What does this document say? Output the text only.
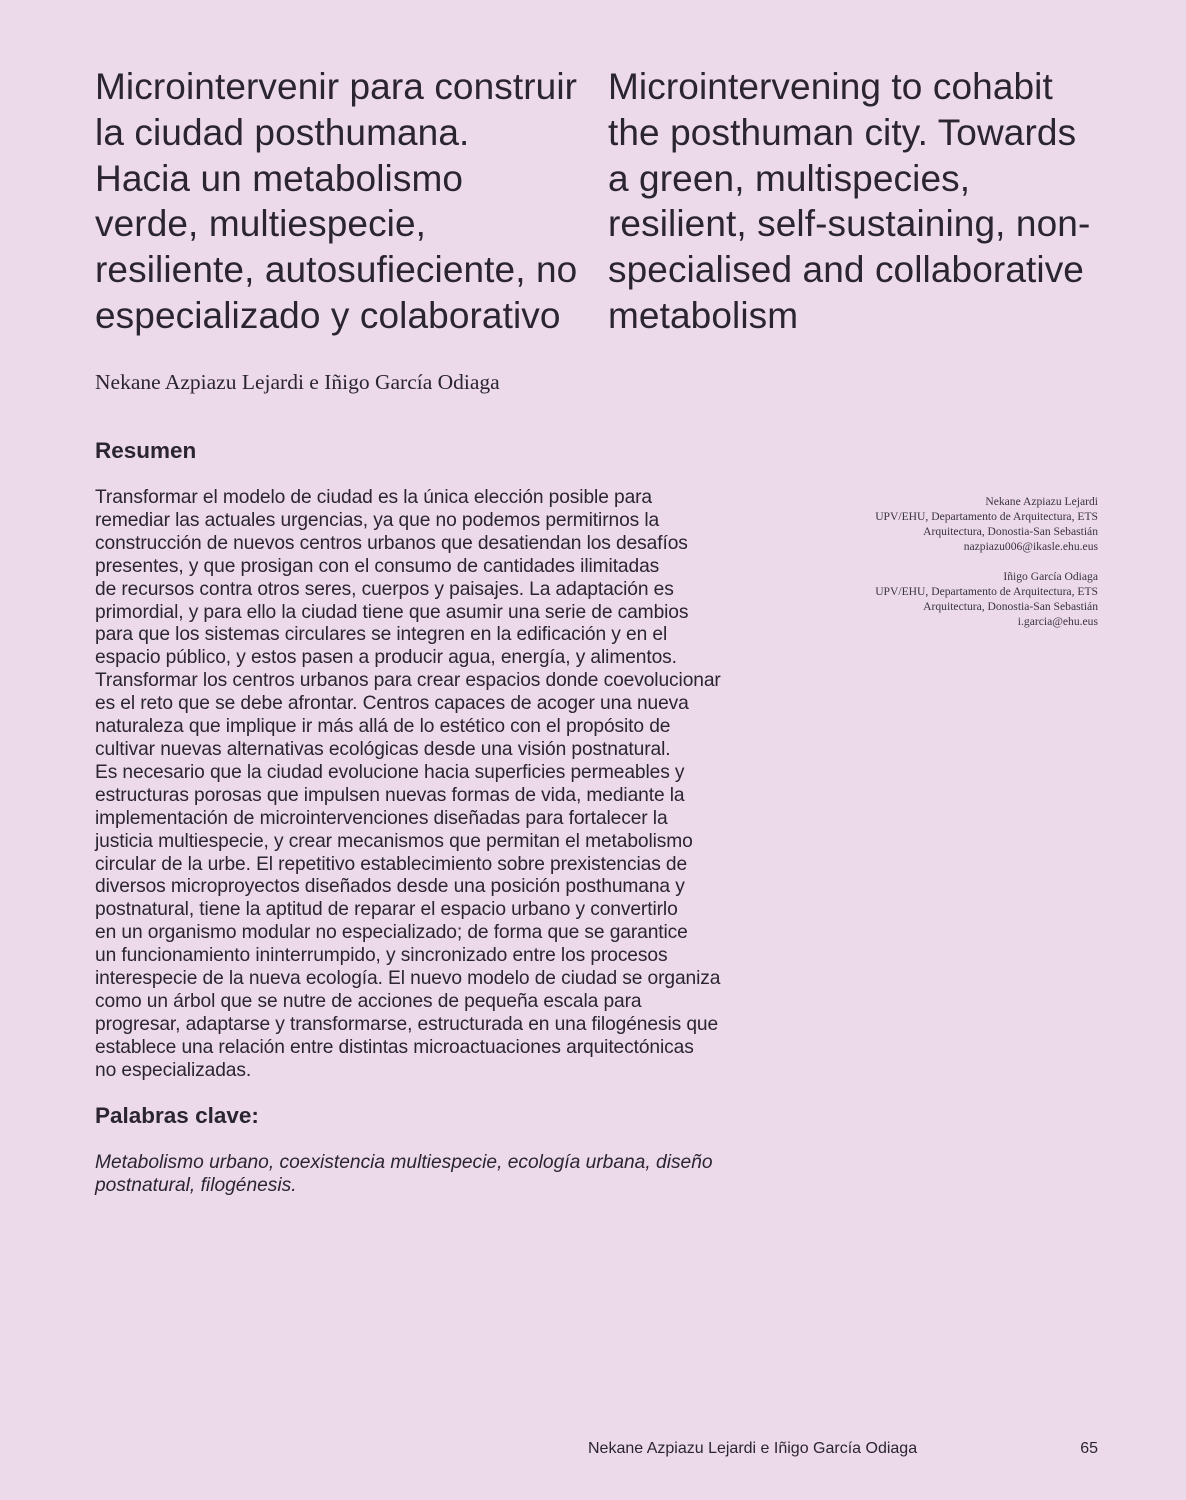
Microintervenir para construir
la ciudad posthumana.
Hacia un metabolismo
verde, multiespecie,
resiliente, autosufieciente, no
especializado y colaborativo
Microintervening to cohabit
the posthuman city. Towards
a green, multispecies,
resilient, self-sustaining, non-
specialised and collaborative
metabolism
Nekane Azpiazu Lejardi e Iñigo García Odiaga
Resumen
Transformar el modelo de ciudad es la única elección posible para
remediar las actuales urgencias, ya que no podemos permitirnos la
construcción de nuevos centros urbanos que desatiendan los desafíos
presentes, y que prosigan con el consumo de cantidades ilimitadas
de recursos contra otros seres, cuerpos y paisajes. La adaptación es
primordial, y para ello la ciudad tiene que asumir una serie de cambios
para que los sistemas circulares se integren en la edificación y en el
espacio público, y estos pasen a producir agua, energía, y alimentos.
Transformar los centros urbanos para crear espacios donde coevolucionar
es el reto que se debe afrontar. Centros capaces de acoger una nueva
naturaleza que implique ir más allá de lo estético con el propósito de
cultivar nuevas alternativas ecológicas desde una visión postnatural.
Es necesario que la ciudad evolucione hacia superficies permeables y
estructuras porosas que impulsen nuevas formas de vida, mediante la
implementación de microintervenciones diseñadas para fortalecer la
justicia multiespecie, y crear mecanismos que permitan el metabolismo
circular de la urbe. El repetitivo establecimiento sobre prexistencias de
diversos microproyectos diseñados desde una posición posthumana y
postnatural, tiene la aptitud de reparar el espacio urbano y convertirlo
en un organismo modular no especializado; de forma que se garantice
un funcionamiento ininterrumpido, y sincronizado entre los procesos
interespecie de la nueva ecología. El nuevo modelo de ciudad se organiza
como un árbol que se nutre de acciones de pequeña escala para
progresar, adaptarse y transformarse, estructurada en una filogénesis que
establece una relación entre distintas microactuaciones arquitectónicas
no especializadas.
Palabras clave:
Metabolismo urbano, coexistencia multiespecie, ecología urbana, diseño
postnatural, filogénesis.
Nekane Azpiazu Lejardi
UPV/EHU, Departamento de Arquitectura, ETS
Arquitectura, Donostia-San Sebastián
nazpiazu006@ikasle.ehu.eus
Iñigo García Odiaga
UPV/EHU, Departamento de Arquitectura, ETS
Arquitectura, Donostia-San Sebastián
i.garcia@ehu.eus
Nekane Azpiazu Lejardi e Iñigo García Odiaga	65
